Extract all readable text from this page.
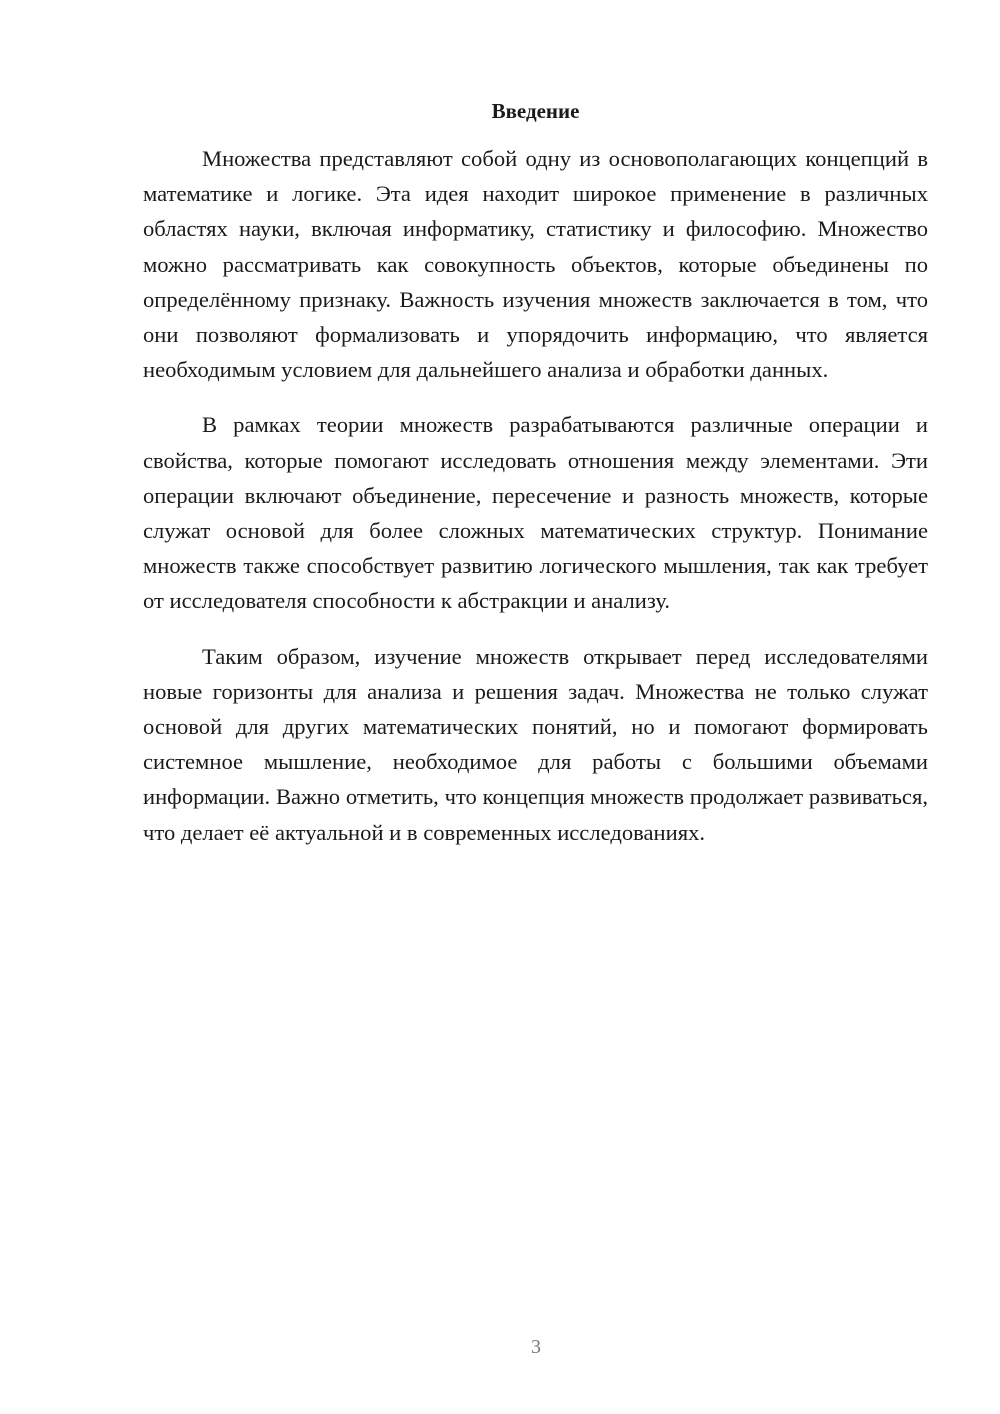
Введение

Множества представляют собой одну из основополагающих концепций в математике и логике. Эта идея находит широкое применение в различных областях науки, включая информатику, статистику и философию. Множество можно рассматривать как совокупность объектов, которые объединены по определённому признаку. Важность изучения множеств заключается в том, что они позволяют формализовать и упорядочить информацию, что является необходимым условием для дальнейшего анализа и обработки данных.

В рамках теории множеств разрабатываются различные операции и свойства, которые помогают исследовать отношения между элементами. Эти операции включают объединение, пересечение и разность множеств, которые служат основой для более сложных математических структур. Понимание множеств также способствует развитию логического мышления, так как требует от исследователя способности к абстракции и анализу.

Таким образом, изучение множеств открывает перед исследователями новые горизонты для анализа и решения задач. Множества не только служат основой для других математических понятий, но и помогают формировать системное мышление, необходимое для работы с большими объемами информации. Важно отметить, что концепция множеств продолжает развиваться, что делает её актуальной и в современных исследованиях.

3
